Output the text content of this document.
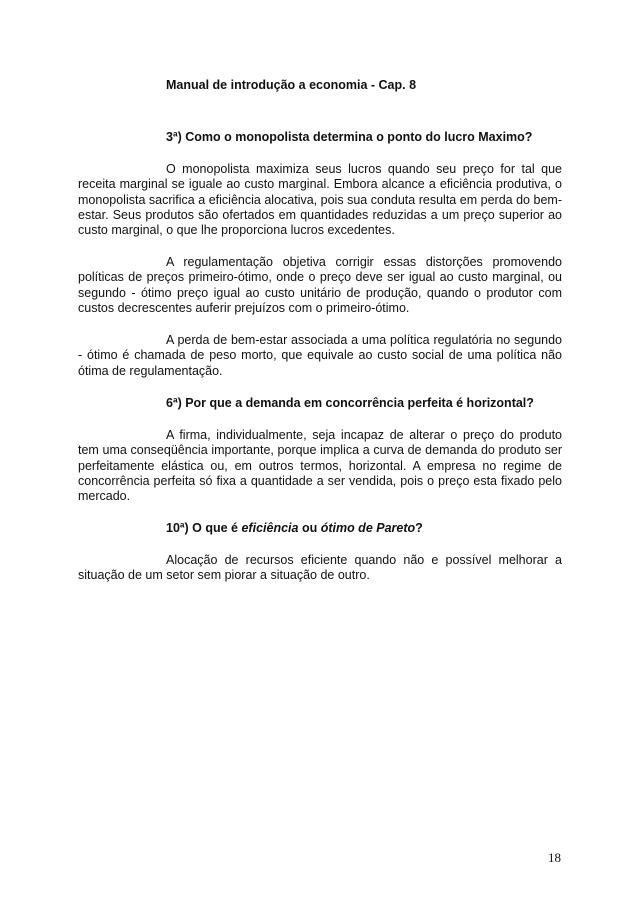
Manual de introdução a economia - Cap. 8
3ª) Como o monopolista determina o ponto do lucro Maximo?

O monopolista maximiza seus lucros quando seu preço for tal que receita marginal se iguale ao custo marginal. Embora alcance a eficiência produtiva, o monopolista sacrifica a eficiência alocativa, pois sua conduta resulta em perda do bem-estar. Seus produtos são ofertados em quantidades reduzidas a um preço superior ao custo marginal, o que lhe proporciona lucros excedentes.

A regulamentação objetiva corrigir essas distorções promovendo políticas de preços primeiro-ótimo, onde o preço deve ser igual ao custo marginal, ou segundo - ótimo preço igual ao custo unitário de produção, quando o produtor com custos decrescentes auferir prejuízos com o primeiro-ótimo.

A perda de bem-estar associada a uma política regulatória no segundo - ótimo é chamada de peso morto, que equivale ao custo social de uma política não ótima de regulamentação.

6ª) Por que a demanda em concorrência perfeita é horizontal?

A firma, individualmente, seja incapaz de alterar o preço do produto tem uma conseqüência importante, porque implica a curva de demanda do produto ser perfeitamente elástica ou, em outros termos, horizontal. A empresa no regime de concorrência perfeita só fixa a quantidade a ser vendida, pois o preço esta fixado pelo mercado.

10ª) O que é eficiência ou ótimo de Pareto?

Alocação de recursos eficiente quando não e possível melhorar a situação de um setor sem piorar a situação de outro.

18
